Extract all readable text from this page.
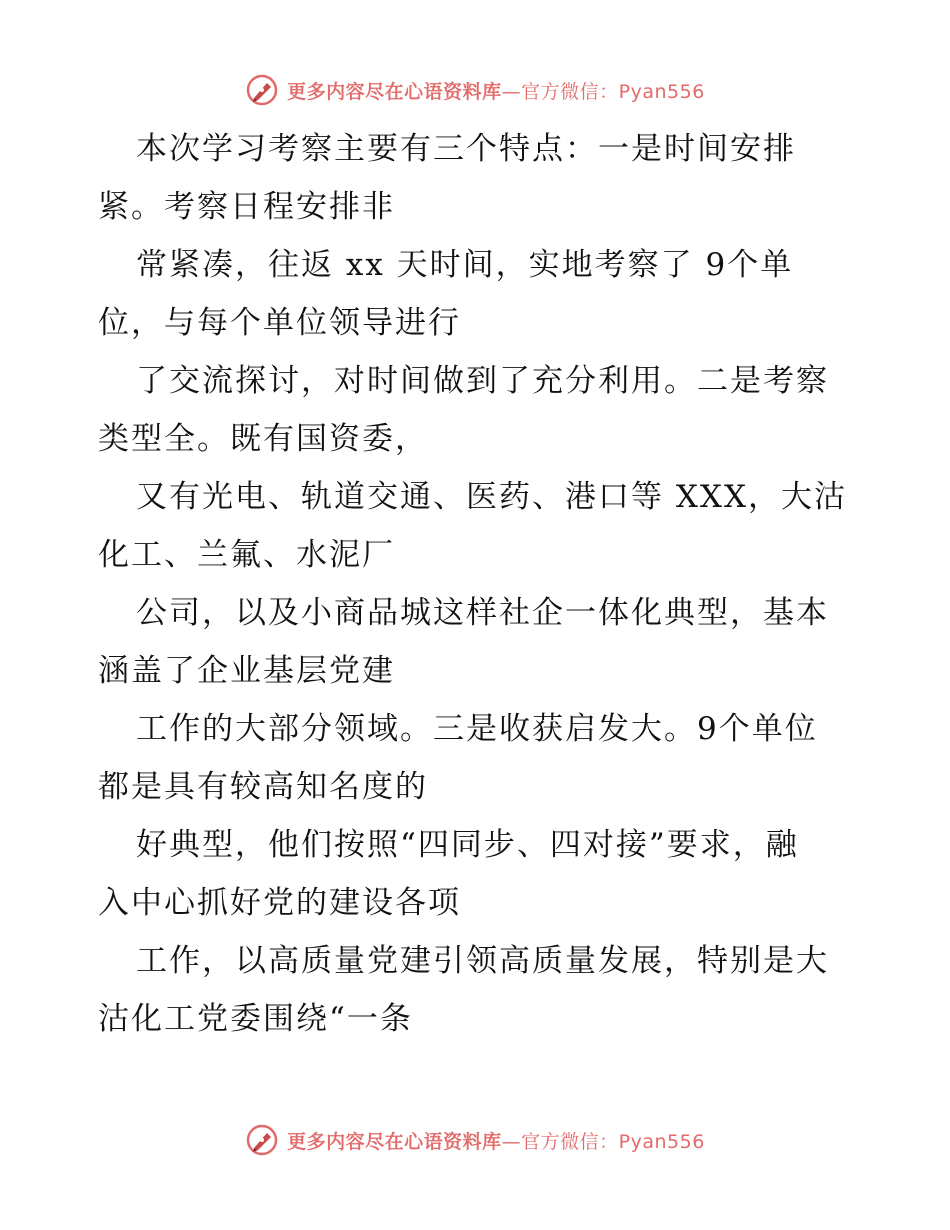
更多内容尽在心语资料库—官方微信：Pyan556
本次学习考察主要有三个特点：一是时间安排
紧。考察日程安排非
常紧凑，往返 xx 天时间，实地考察了 9个单
位，与每个单位领导进行
了交流探讨，对时间做到了充分利用。二是考察
类型全。既有国资委，
又有光电、轨道交通、医药、港口等 XXX，大沽
化工、兰氟、水泥厂
公司，以及小商品城这样社企一体化典型，基本
涵盖了企业基层党建
工作的大部分领域。三是收获启发大。9个单位
都是具有较高知名度的
好典型，他们按照“四同步、四对接”要求，融
入中心抓好党的建设各项
工作，以高质量党建引领高质量发展，特别是大
沽化工党委围绕“一条
更多内容尽在心语资料库—官方微信：Pyan556
